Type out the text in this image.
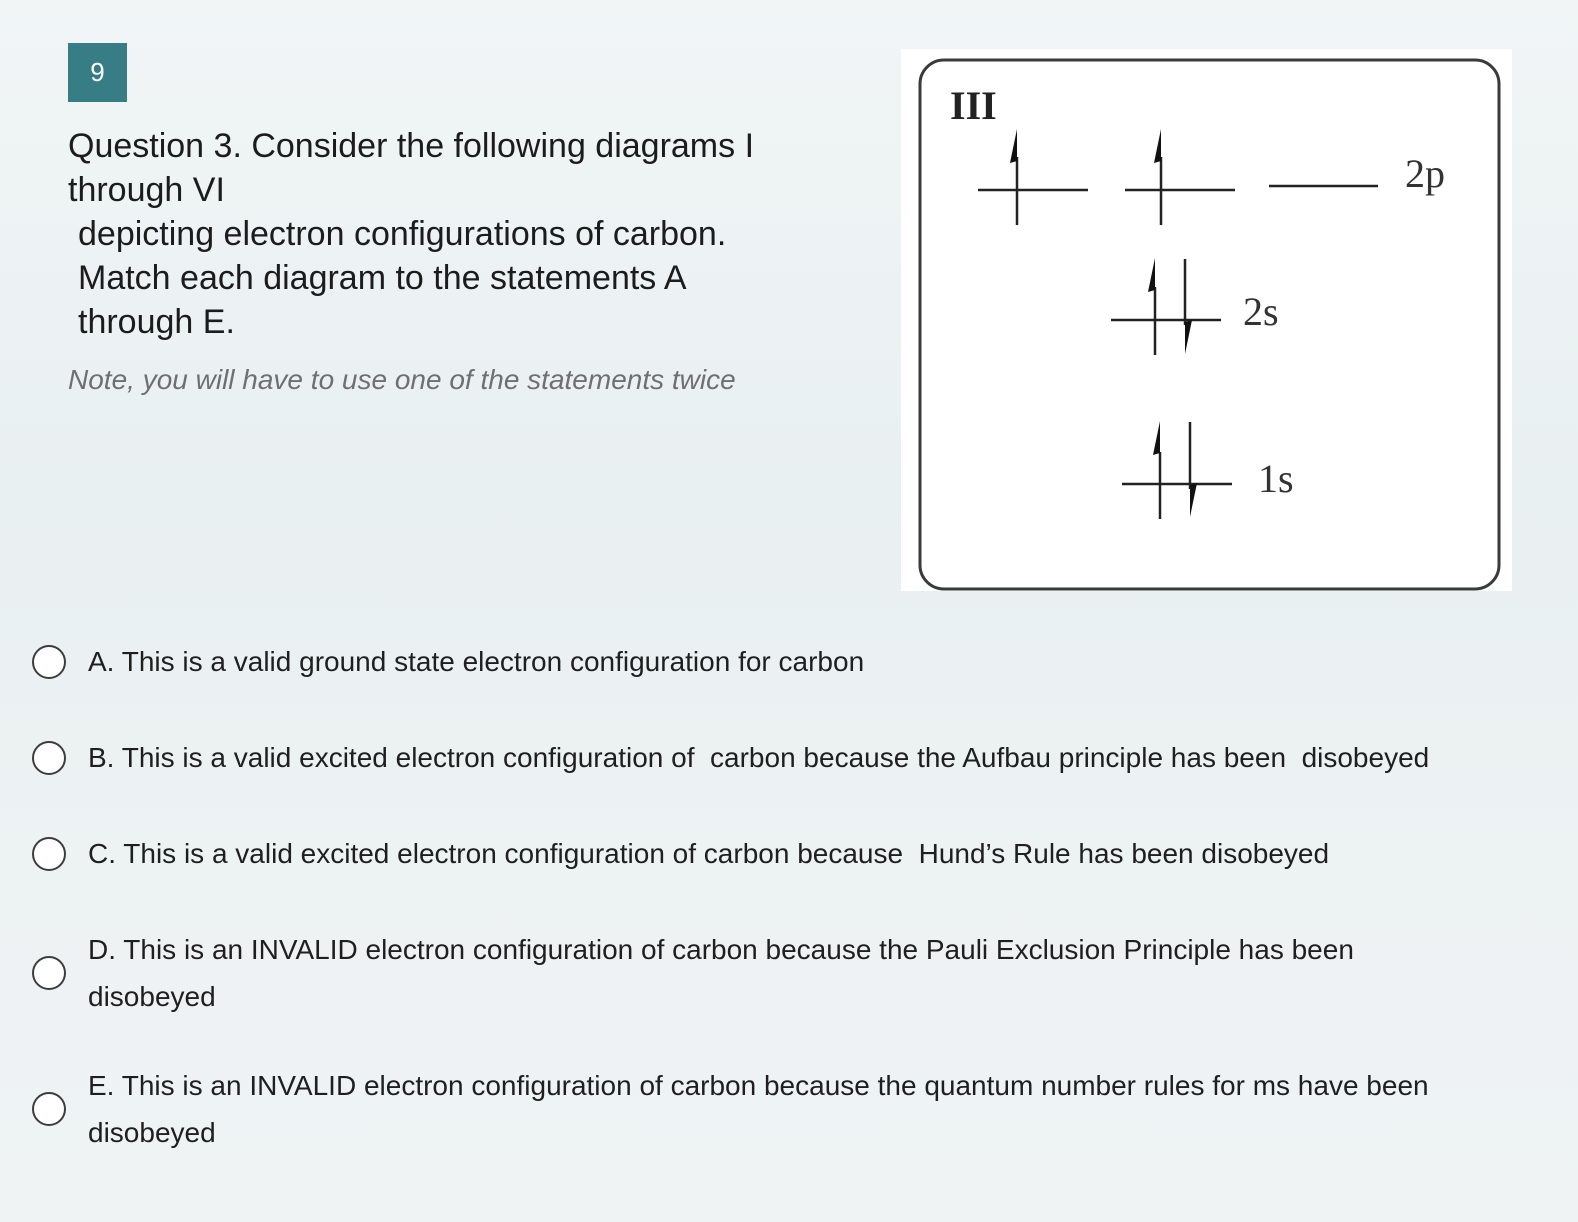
9
Question 3. Consider the following diagrams I
through VI
depicting electron configurations of carbon.
Match each diagram to the statements A
through E.
Note, you will have to use one of the statements twice
III
2p
2s
1s
A. This is a valid ground state electron configuration for carbon
B. This is a valid excited electron configuration of  carbon because the Aufbau principle has been  disobeyed
C. This is a valid excited electron configuration of carbon because  Hund’s Rule has been disobeyed
D. This is an INVALID electron configuration of carbon because the Pauli Exclusion Principle has been
disobeyed
E. This is an INVALID electron configuration of carbon because the quantum number rules for ms have been
disobeyed
